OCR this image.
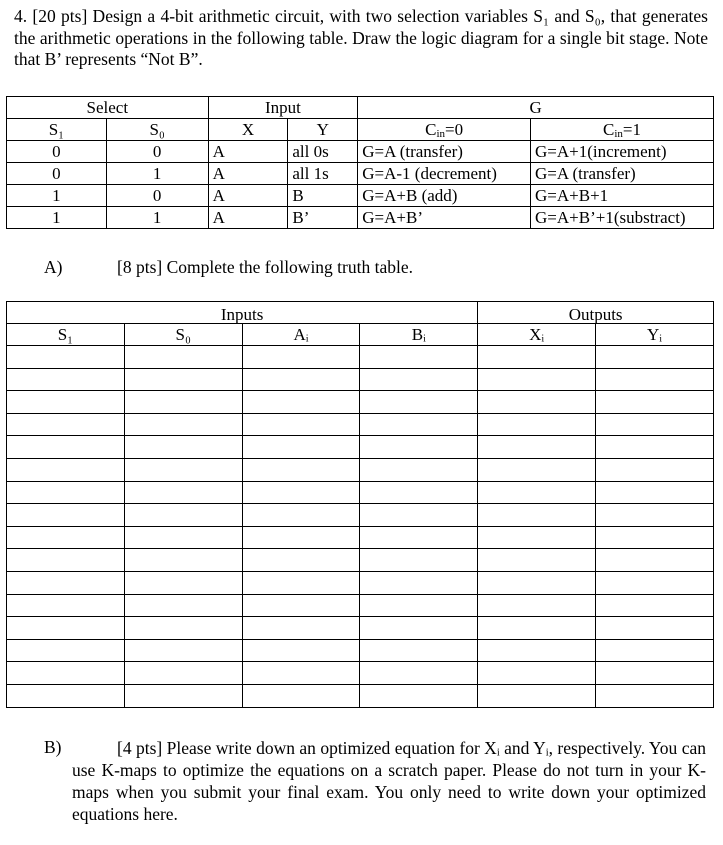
4. [20 pts] Design a 4-bit arithmetic circuit, with two selection variables S₁ and S₀, that generates the arithmetic operations in the following table. Draw the logic diagram for a single bit stage. Note that B’ represents “Not B”.
Select		Input		G	
S₁	S₀	X	Y	$C_{in}=0$	$C_{in}=1$
0	0	A	all 0s	G=A (transfer)	G=A+1(increment)
0	1	A	all 1s	G=A-1 (decrement)	G=A (transfer)
1	0	A	B	G=A+B (add)	G=A+B+1
1	1	A	B’	G=A+B’	G=A+B’+1(substract)
A)	[8 pts] Complete the following truth table.
Inputs				Outputs	
S₁	S₀	Aᵢ	Bᵢ	Xᵢ	Yᵢ

B)	[4 pts] Please write down an optimized equation for Xᵢ and Yᵢ, respectively. You can use K-maps to optimize the equations on a scratch paper. Please do not turn in your K-maps when you submit your final exam. You only need to write down your optimized equations here.
